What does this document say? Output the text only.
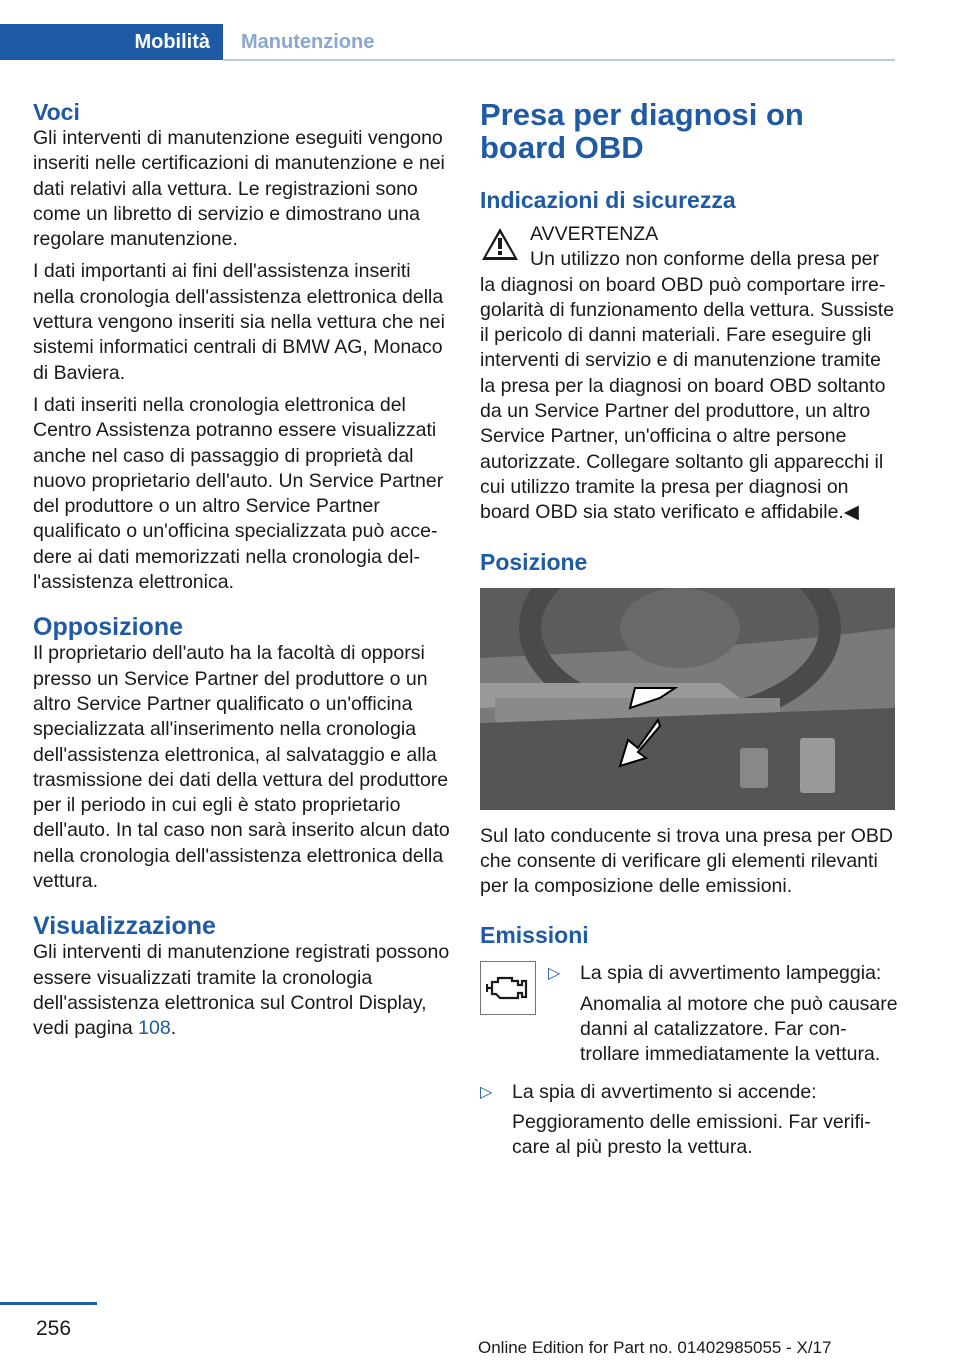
Mobilità	Manutenzione
Voci

Gli interventi di manutenzione eseguiti vengono inseriti nelle certificazioni di manutenzione e nei dati relativi alla vettura. Le registrazioni sono come un libretto di servizio e dimostrano una regolare manutenzione.

I dati importanti ai fini dell'assistenza inseriti nella cronologia dell'assistenza elettronica della vettura vengono inseriti sia nella vettura che nei sistemi informatici centrali di BMW AG, Monaco di Baviera.

I dati inseriti nella cronologia elettronica del Centro Assistenza potranno essere visualizzati anche nel caso di passaggio di proprietà dal nuovo proprietario dell'auto. Un Service Partner del produttore o un altro Service Partner qualificato o un'officina specializzata può accedere ai dati memorizzati nella cronologia dell'assistenza elettronica.

Opposizione

Il proprietario dell'auto ha la facoltà di opporsi presso un Service Partner del produttore o un altro Service Partner qualificato o un'officina specializzata all'inserimento nella cronologia dell'assistenza elettronica, al salvataggio e alla trasmissione dei dati della vettura del produttore per il periodo in cui egli è stato proprietario dell'auto. In tal caso non sarà inserito alcun dato nella cronologia dell'assistenza elettronica della vettura.

Visualizzazione

Gli interventi di manutenzione registrati possono essere visualizzati tramite la cronologia dell'assistenza elettronica sul Control Display, vedi pagina 108.

Presa per diagnosi on board OBD
Indicazioni di sicurezza

AVVERTENZA

Un utilizzo non conforme della presa per la diagnosi on board OBD può comportare irregolarità di funzionamento della vettura. Sussiste il pericolo di danni materiali. Fare eseguire gli interventi di servizio e di manutenzione tramite la presa per la diagnosi on board OBD soltanto da un Service Partner del produttore, un altro Service Partner, un'officina o altre persone autorizzate. Collegare soltanto gli apparecchi il cui utilizzo tramite la presa per diagnosi on board OBD sia stato verificato e affidabile.◀

Posizione

Sul lato conducente si trova una presa per OBD che consente di verificare gli elementi rilevanti per la composizione delle emissioni.

Emissioni
▷ La spia di avvertimento lampeggia:

Anomalia al motore che può causare danni al catalizzatore. Far controllare immediatamente la vettura.

▷ La spia di avvertimento si accende:

Peggioramento delle emissioni. Far verificare al più presto la vettura.

256
Online Edition for Part no. 01402985055 - X/17
